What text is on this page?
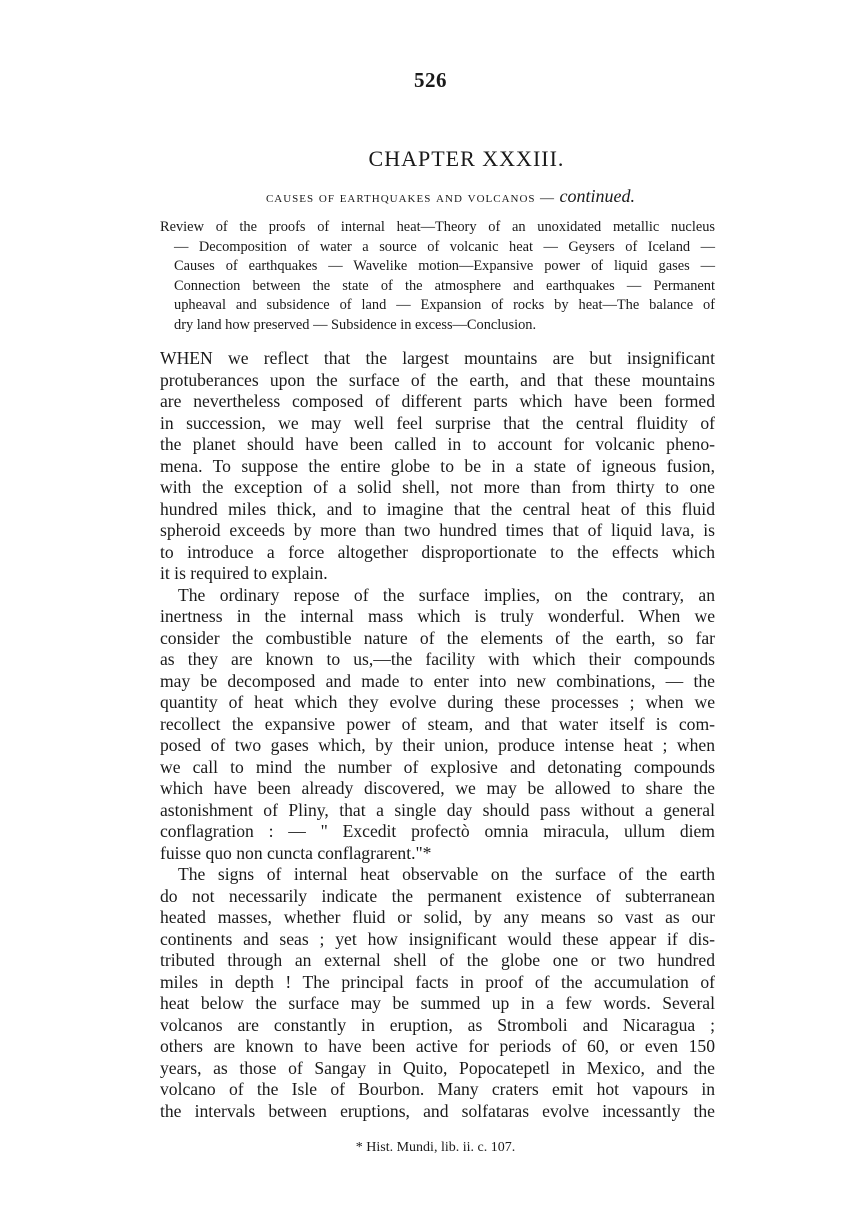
526
CHAPTER XXXIII.
causes of earthquakes and volcanos — continued.
Review of the proofs of internal heat—Theory of an unoxidated metallic nucleus
— Decomposition of water a source of volcanic heat — Geysers of Iceland —
Causes of earthquakes — Wavelike motion—Expansive power of liquid gases —
Connection between the state of the atmosphere and earthquakes — Permanent
upheaval and subsidence of land — Expansion of rocks by heat—The balance of
dry land how preserved — Subsidence in excess—Conclusion.
WHEN we reflect that the largest mountains are but insignificant
protuberances upon the surface of the earth, and that these mountains
are nevertheless composed of different parts which have been formed
in succession, we may well feel surprise that the central fluidity of
the planet should have been called in to account for volcanic pheno-
mena. To suppose the entire globe to be in a state of igneous fusion,
with the exception of a solid shell, not more than from thirty to one
hundred miles thick, and to imagine that the central heat of this fluid
spheroid exceeds by more than two hundred times that of liquid lava, is
to introduce a force altogether disproportionate to the effects which
it is required to explain.
The ordinary repose of the surface implies, on the contrary, an
inertness in the internal mass which is truly wonderful. When we
consider the combustible nature of the elements of the earth, so far
as they are known to us,—the facility with which their compounds
may be decomposed and made to enter into new combinations, — the
quantity of heat which they evolve during these processes ; when we
recollect the expansive power of steam, and that water itself is com-
posed of two gases which, by their union, produce intense heat ; when
we call to mind the number of explosive and detonating compounds
which have been already discovered, we may be allowed to share the
astonishment of Pliny, that a single day should pass without a general
conflagration : — " Excedit profectò omnia miracula, ullum diem
fuisse quo non cuncta conflagrarent."*
The signs of internal heat observable on the surface of the earth
do not necessarily indicate the permanent existence of subterranean
heated masses, whether fluid or solid, by any means so vast as our
continents and seas ; yet how insignificant would these appear if dis-
tributed through an external shell of the globe one or two hundred
miles in depth ! The principal facts in proof of the accumulation of
heat below the surface may be summed up in a few words. Several
volcanos are constantly in eruption, as Stromboli and Nicaragua ;
others are known to have been active for periods of 60, or even 150
years, as those of Sangay in Quito, Popocatepetl in Mexico, and the
volcano of the Isle of Bourbon. Many craters emit hot vapours in
the intervals between eruptions, and solfataras evolve incessantly the
* Hist. Mundi, lib. ii. c. 107.
